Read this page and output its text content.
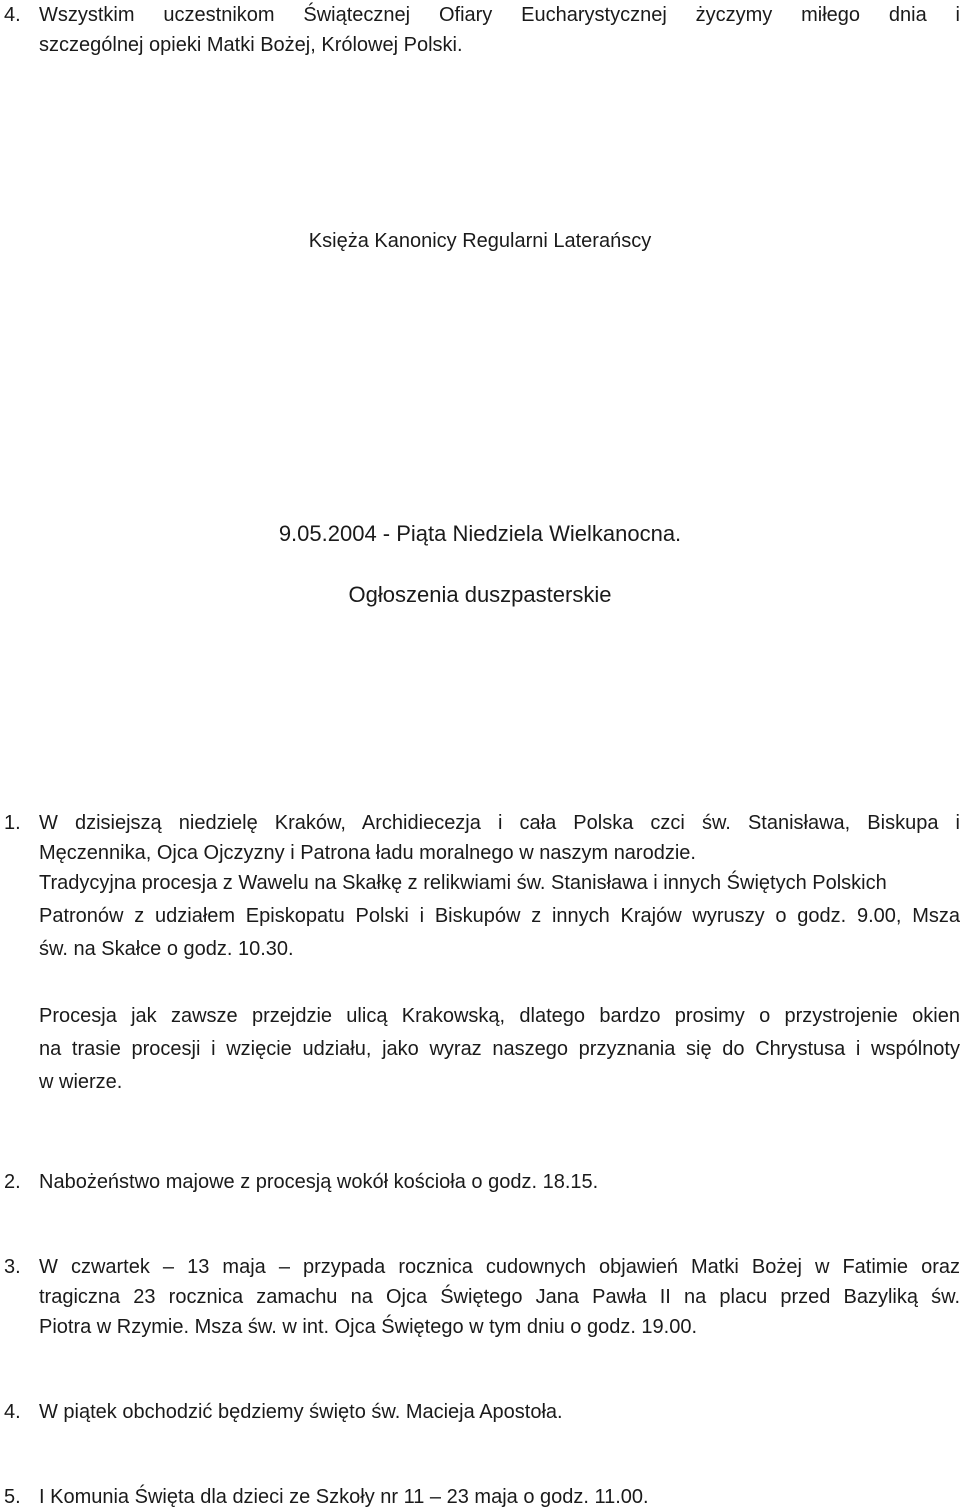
4. Wszystkim uczestnikom Świątecznej Ofiary Eucharystycznej życzymy miłego dnia i
szczególnej opieki Matki Bożej, Królowej Polski.
Księża Kanonicy Regularni Laterańscy
9.05.2004 - Piąta Niedziela Wielkanocna.
Ogłoszenia duszpasterskie
1. W dzisiejszą niedzielę Kraków, Archidiecezja i cała Polska czci św. Stanisława, Biskupa i
Męczennika, Ojca Ojczyzny i Patrona ładu moralnego w naszym narodzie.
Tradycyjna procesja z Wawelu na Skałkę z relikwiami św. Stanisława i innych Świętych Polskich
Patronów z udziałem Episkopatu Polski i Biskupów z innych Krajów wyruszy o godz. 9.00, Msza
św. na Skałce o godz. 10.30.
Procesja jak zawsze przejdzie ulicą Krakowską, dlatego bardzo prosimy o przystrojenie okien
na trasie procesji i wzięcie udziału, jako wyraz naszego przyznania się do Chrystusa i wspólnoty
w wierze.
2. Nabożeństwo majowe z procesją wokół kościoła o godz. 18.15.
3. W czwartek – 13 maja – przypada rocznica cudownych objawień Matki Bożej w Fatimie oraz
tragiczna 23 rocznica zamachu na Ojca Świętego Jana Pawła II na placu przed Bazyliką św.
Piotra w Rzymie. Msza św. w int. Ojca Świętego w tym dniu o godz. 19.00.
4. W piątek obchodzić będziemy święto św. Macieja Apostoła.
5. I Komunia Święta dla dzieci ze Szkoły nr 11 – 23 maja o godz. 11.00.
